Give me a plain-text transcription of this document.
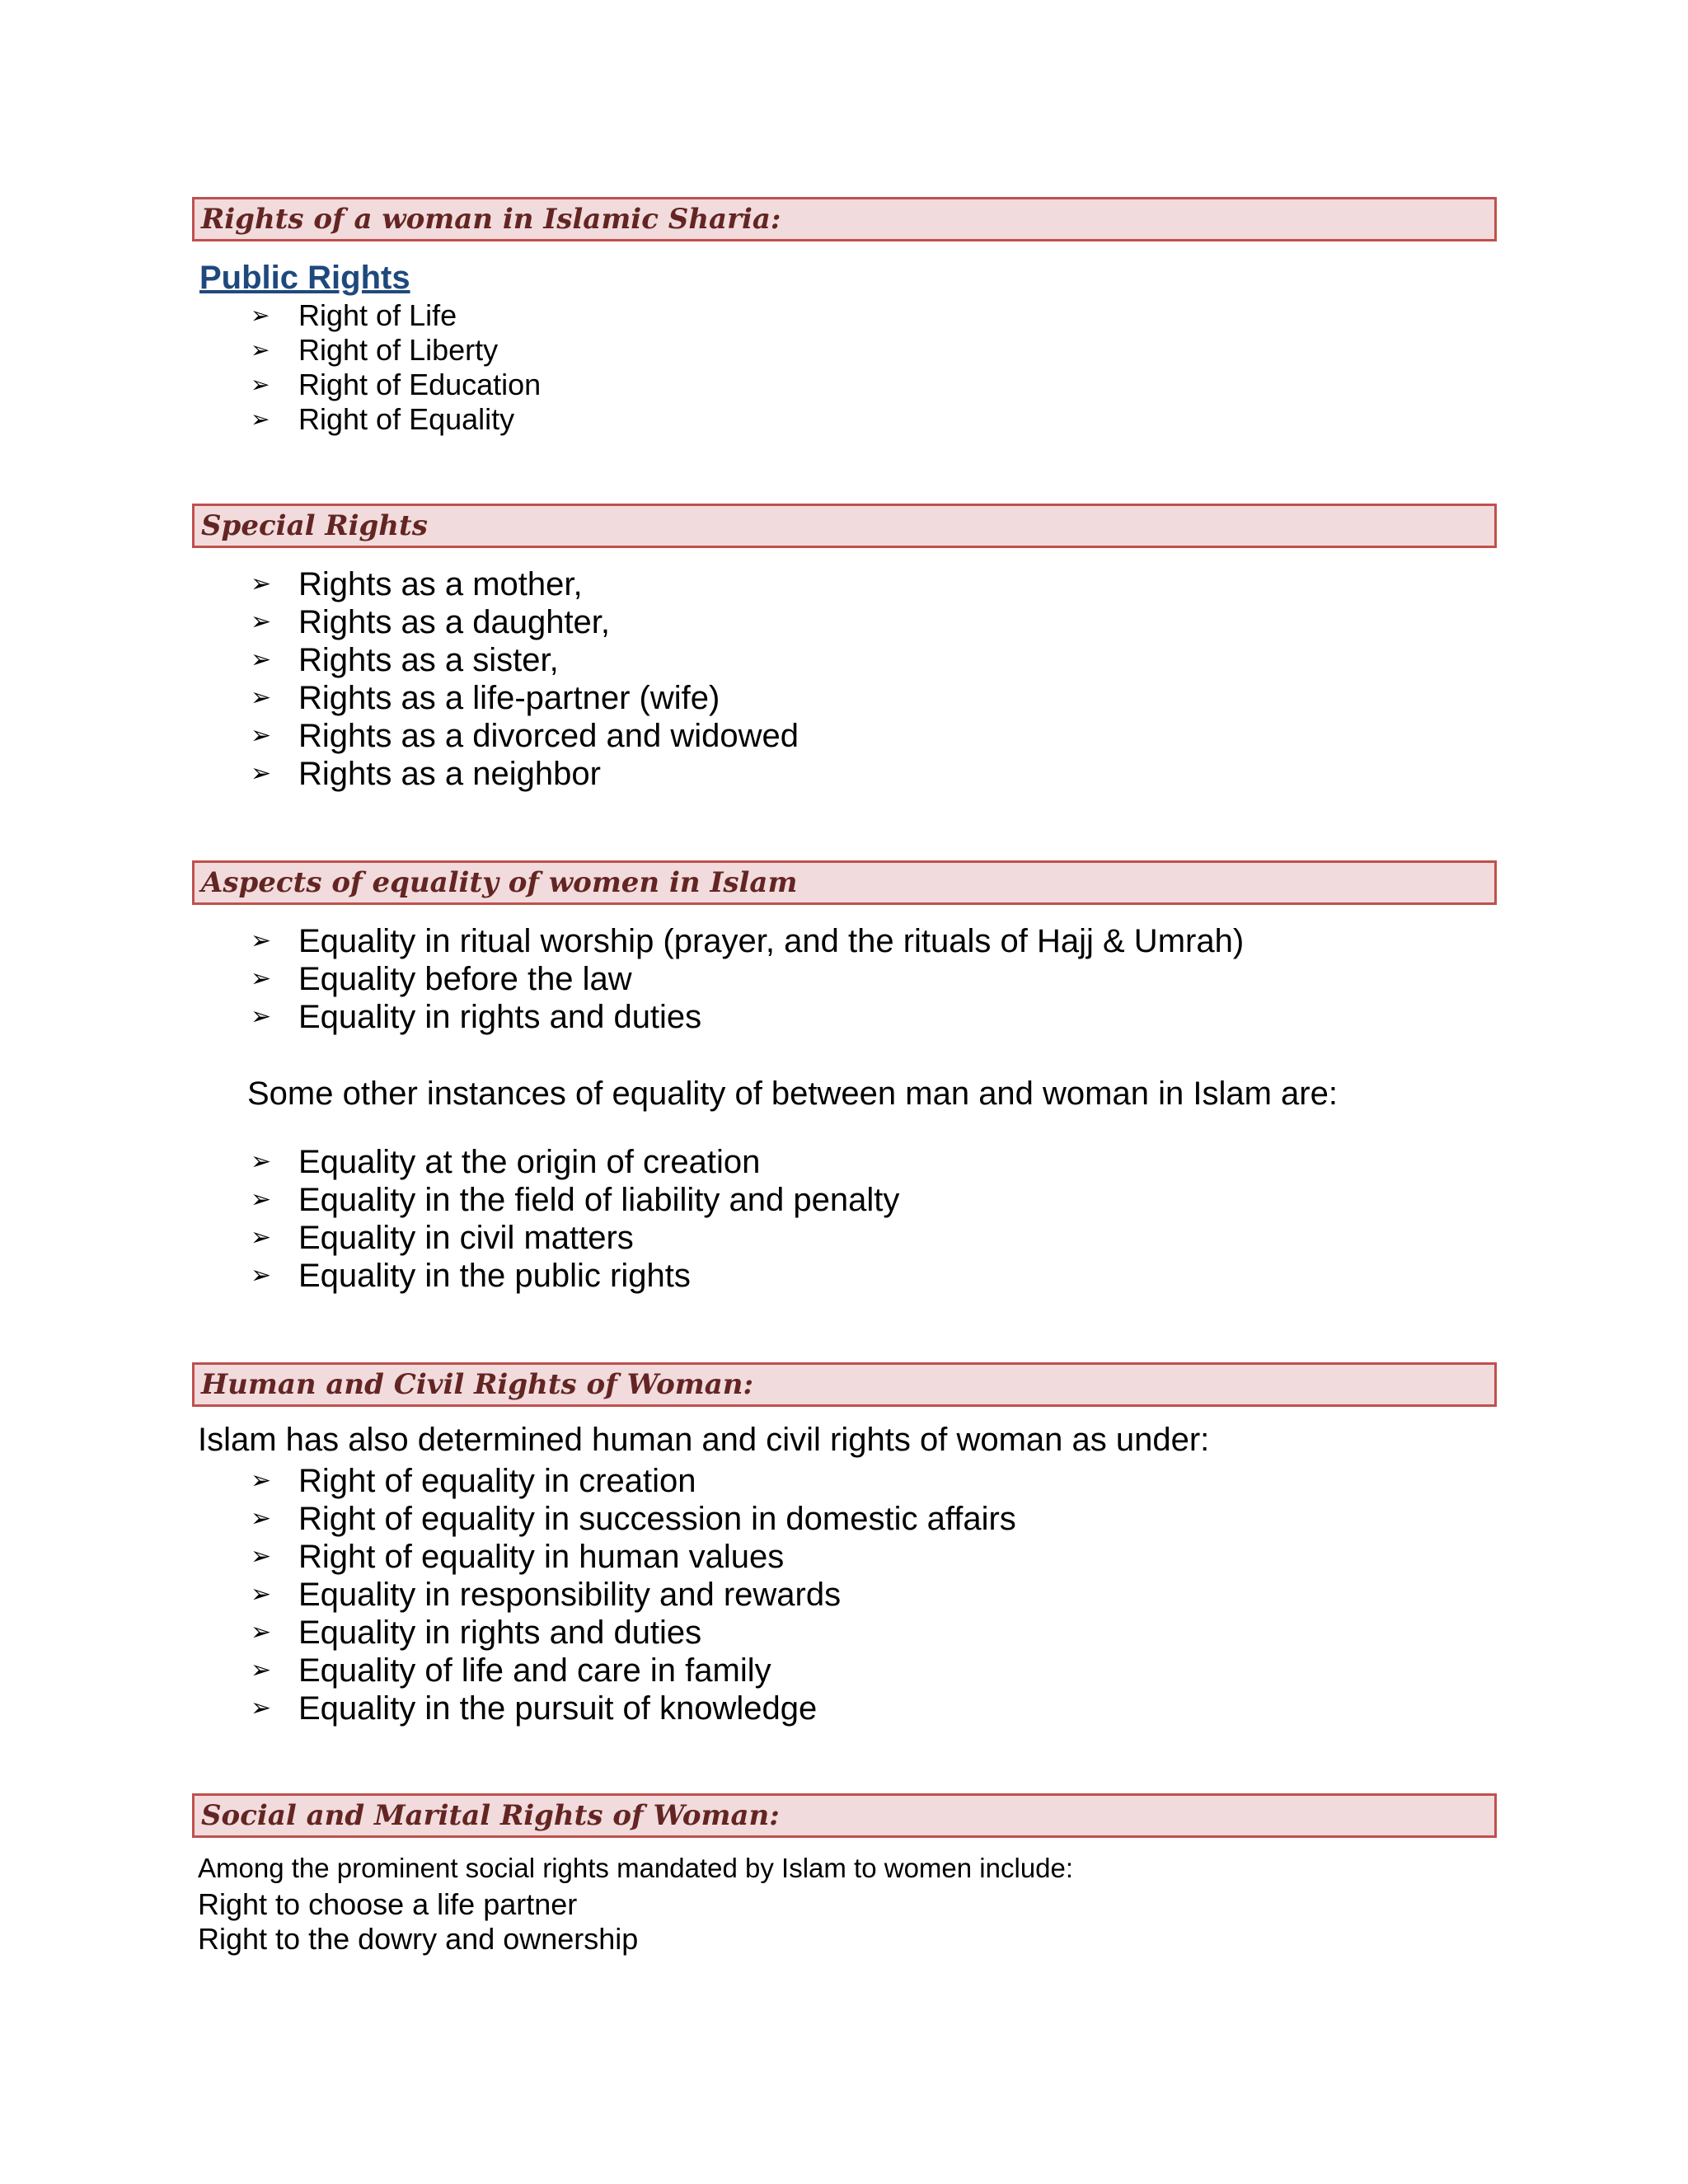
Rights of a woman in Islamic Sharia:
Public Rights
➢ Right of Life
➢ Right of Liberty
➢ Right of Education
➢ Right of Equality
Special Rights
➢ Rights as a mother,
➢ Rights as a daughter,
➢ Rights as a sister,
➢ Rights as a life-partner (wife)
➢ Rights as a divorced and widowed
➢ Rights as a neighbor
Aspects of equality of women in Islam
➢ Equality in ritual worship (prayer, and the rituals of Hajj & Umrah)
➢ Equality before the law
➢ Equality in rights and duties
Some other instances of equality of between man and woman in Islam are:
➢ Equality at the origin of creation
➢ Equality in the field of liability and penalty
➢ Equality in civil matters
➢ Equality in the public rights
Human and Civil Rights of Woman:
Islam has also determined human and civil rights of woman as under:
➢ Right of equality in creation
➢ Right of equality in succession in domestic affairs
➢ Right of equality in human values
➢ Equality in responsibility and rewards
➢ Equality in rights and duties
➢ Equality of life and care in family
➢ Equality in the pursuit of knowledge
Social and Marital Rights of Woman:
Among the prominent social rights mandated by Islam to women include:
Right to choose a life partner
Right to the dowry and ownership
